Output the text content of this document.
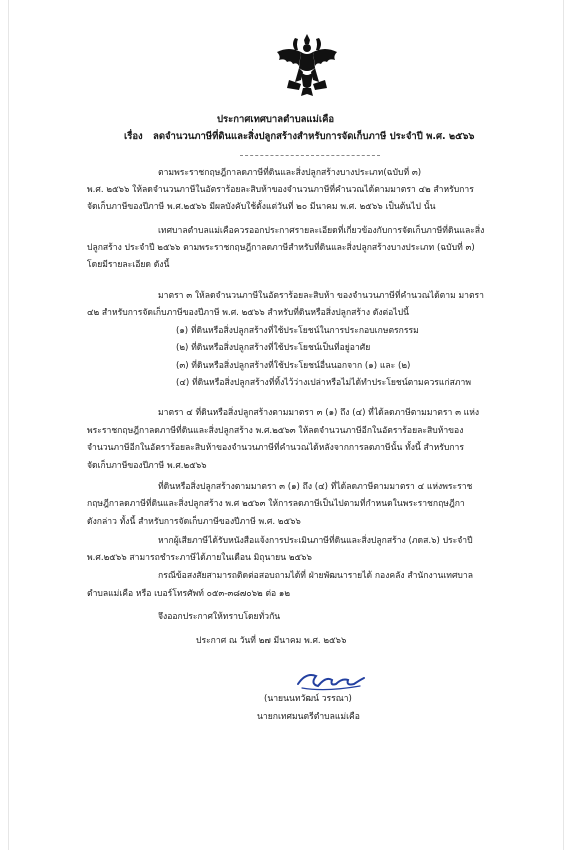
ประกาศเทศบาลตำบลแม่เคือ
เรื่อง ลดจำนวนภาษีที่ดินและสิ่งปลูกสร้างสำหรับการจัดเก็บภาษี ประจำปี พ.ศ. ๒๕๖๖
ตามพระราชกฤษฎีกาลดภาษีที่ดินและสิ่งปลูกสร้างบางประเภท(ฉบับที่ ๓)
พ.ศ. ๒๕๖๖ ให้ลดจำนวนภาษีในอัตราร้อยละสิบห้าของจำนวนภาษีที่คำนวณได้ตามมาตรา ๔๒ สำหรับการ
จัดเก็บภาษีของปีภาษี พ.ศ.๒๕๖๖ มีผลบังคับใช้ตั้งแต่วันที่ ๒๐ มีนาคม พ.ศ. ๒๕๖๖ เป็นต้นไป นั้น
เทศบาลตำบลแม่เคือควรออกประกาศรายละเอียดที่เกี่ยวข้องกับการจัดเก็บภาษีที่ดินและสิ่ง
ปลูกสร้าง ประจำปี ๒๕๖๖ ตามพระราชกฤษฎีกาลดภาษีสำหรับที่ดินและสิ่งปลูกสร้างบางประเภท (ฉบับที่ ๓)
โดยมีรายละเอียด ดังนี้
มาตรา ๓ ให้ลดจำนวนภาษีในอัตราร้อยละสิบห้า ของจำนวนภาษีที่คำนวณได้ตาม มาตรา
๔๒ สำหรับการจัดเก็บภาษีของปีภาษี พ.ศ. ๒๕๖๖ สำหรับที่ดินหรือสิ่งปลูกสร้าง ดังต่อไปนี้
(๑) ที่ดินหรือสิ่งปลูกสร้างที่ใช้ประโยชน์ในการประกอบเกษตรกรรม
(๒) ที่ดินหรือสิ่งปลูกสร้างที่ใช้ประโยชน์เป็นที่อยู่อาศัย
(๓) ที่ดินหรือสิ่งปลูกสร้างที่ใช้ประโยชน์อื่นนอกจาก (๑) และ (๒)
(๔) ที่ดินหรือสิ่งปลูกสร้างที่ทิ้งไว้ว่างเปล่าหรือไม่ได้ทำประโยชน์ตามควรแก่สภาพ
มาตรา ๔ ที่ดินหรือสิ่งปลูกสร้างตามมาตรา ๓ (๑) ถึง (๔) ที่ได้ลดภาษีตามมาตรา ๓ แห่ง
พระราชกฤษฎีกาลดภาษีที่ดินและสิ่งปลูกสร้าง พ.ศ.๒๕๖๓ ให้ลดจำนวนภาษีอีกในอัตราร้อยละสิบห้าของ
จำนวนภาษีอีกในอัตราร้อยละสิบห้าของจำนวนภาษีที่คำนวณได้หลังจากการลดภาษีนั้น ทั้งนี้ สำหรับการ
จัดเก็บภาษีของปีภาษี พ.ศ.๒๕๖๖
ที่ดินหรือสิ่งปลูกสร้างตามมาตรา ๓ (๑) ถึง (๔) ที่ได้ลดภาษีตามมาตรา ๔ แห่งพระราช
กฤษฎีกาลดภาษีที่ดินและสิ่งปลูกสร้าง พ.ศ ๒๕๖๓ ให้การลดภาษีเป็นไปตามที่กำหนดในพระราชกฤษฎีกา
ดังกล่าว ทั้งนี้ สำหรับการจัดเก็บภาษีของปีภาษี พ.ศ. ๒๕๖๖
หากผู้เสียภาษีได้รับหนังสือแจ้งการประเมินภาษีที่ดินและสิ่งปลูกสร้าง (ภดส.๖) ประจำปี
พ.ศ.๒๕๖๖ สามารถชำระภาษีได้ภายในเดือน มิถุนายน ๒๕๖๖
กรณีข้อสงสัยสามารถติดต่อสอบถามได้ที่ ฝ่ายพัฒนารายได้ กองคลัง สำนักงานเทศบาล
ตำบลแม่เคือ หรือ เบอร์โทรศัพท์ ๐๕๓-๓๘๗๐๖๒ ต่อ ๑๒
จึงออกประกาศให้ทราบโดยทั่วกัน
ประกาศ ณ วันที่ ๒๗ มีนาคม พ.ศ. ๒๕๖๖
(นายนนทวัฒน์ วรรณา)
นายกเทศมนตรีตำบลแม่เคือ
